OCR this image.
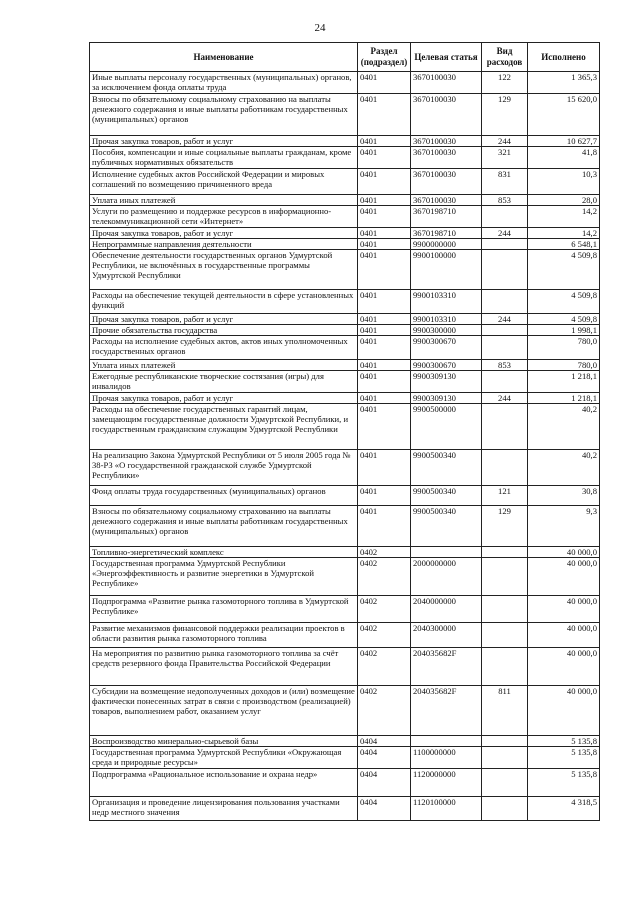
24
Наименование	Раздел (подраздел)	Целевая статья	Вид расходов	Исполнено
Иные выплаты персоналу государственных (муниципальных) органов, за исключением фонда оплаты труда	0401	3670100030	122	1 365,3
Взносы по обязательному социальному страхованию на выплаты денежного содержания и иные выплаты работникам государственных (муниципальных) органов	0401	3670100030	129	15 620,0
Прочая закупка товаров, работ и услуг	0401	3670100030	244	10 627,7
Пособия, компенсации и иные социальные выплаты гражданам, кроме публичных нормативных обязательств	0401	3670100030	321	41,8
Исполнение судебных актов Российской Федерации и мировых соглашений по возмещению причиненного вреда	0401	3670100030	831	10,3
Уплата иных платежей	0401	3670100030	853	28,0
Услуги по размещению и поддержке ресурсов в информационно-телекоммуникационной сети «Интернет»	0401	3670198710		14,2
Прочая закупка товаров, работ и услуг	0401	3670198710	244	14,2
Непрограммные направления деятельности	0401	9900000000		6 548,1
Обеспечение деятельности государственных органов Удмуртской Республики, не включённых в государственные программы Удмуртской Республики	0401	9900100000		4 509,8
Расходы на обеспечение текущей деятельности в сфере установленных функций	0401	9900103310		4 509,8
Прочая закупка товаров, работ и услуг	0401	9900103310	244	4 509,8
Прочие обязательства государства	0401	9900300000		1 998,1
Расходы на исполнение судебных актов, актов иных уполномоченных государственных органов	0401	9900300670		780,0
Уплата иных платежей	0401	9900300670	853	780,0
Ежегодные республиканские творческие состязания (игры) для инвалидов	0401	9900309130		1 218,1
Прочая закупка товаров, работ и услуг	0401	9900309130	244	1 218,1
Расходы на обеспечение государственных гарантий лицам, замещающим государственные должности Удмуртской Республики, и государственным гражданским служащим Удмуртской Республики	0401	9900500000		40,2
На реализацию Закона Удмуртской Республики от 5 июля 2005 года № 38-РЗ «О государственной гражданской службе Удмуртской Республики»	0401	9900500340		40,2
Фонд оплаты труда государственных (муниципальных) органов	0401	9900500340	121	30,8
Взносы по обязательному социальному страхованию на выплаты денежного содержания и иные выплаты работникам государственных (муниципальных) органов	0401	9900500340	129	9,3
Топливно-энергетический комплекс	0402			40 000,0
Государственная программа Удмуртской Республики «Энергоэффективность и развитие энергетики в Удмуртской Республике»	0402	2000000000		40 000,0
Подпрограмма «Развитие рынка газомоторного топлива в Удмуртской Республике»	0402	2040000000		40 000,0
Развитие механизмов финансовой поддержки реализации проектов в области развития рынка газомоторного топлива	0402	2040300000		40 000,0
На мероприятия по развитию рынка газомоторного топлива за счёт средств резервного фонда Правительства Российской Федерации	0402	204035682F		40 000,0
Субсидии на возмещение недополученных доходов и (или) возмещение фактически понесенных затрат в связи с производством (реализацией) товаров, выполнением работ, оказанием услуг	0402	204035682F	811	40 000,0
Воспроизводство минерально-сырьевой базы	0404			5 135,8
Государственная программа Удмуртской Республики «Окружающая среда и природные ресурсы»	0404	1100000000		5 135,8
Подпрограмма «Рациональное использование и охрана недр»	0404	1120000000		5 135,8
Организация и проведение лицензирования пользования участками недр местного значения	0404	1120100000		4 318,5
